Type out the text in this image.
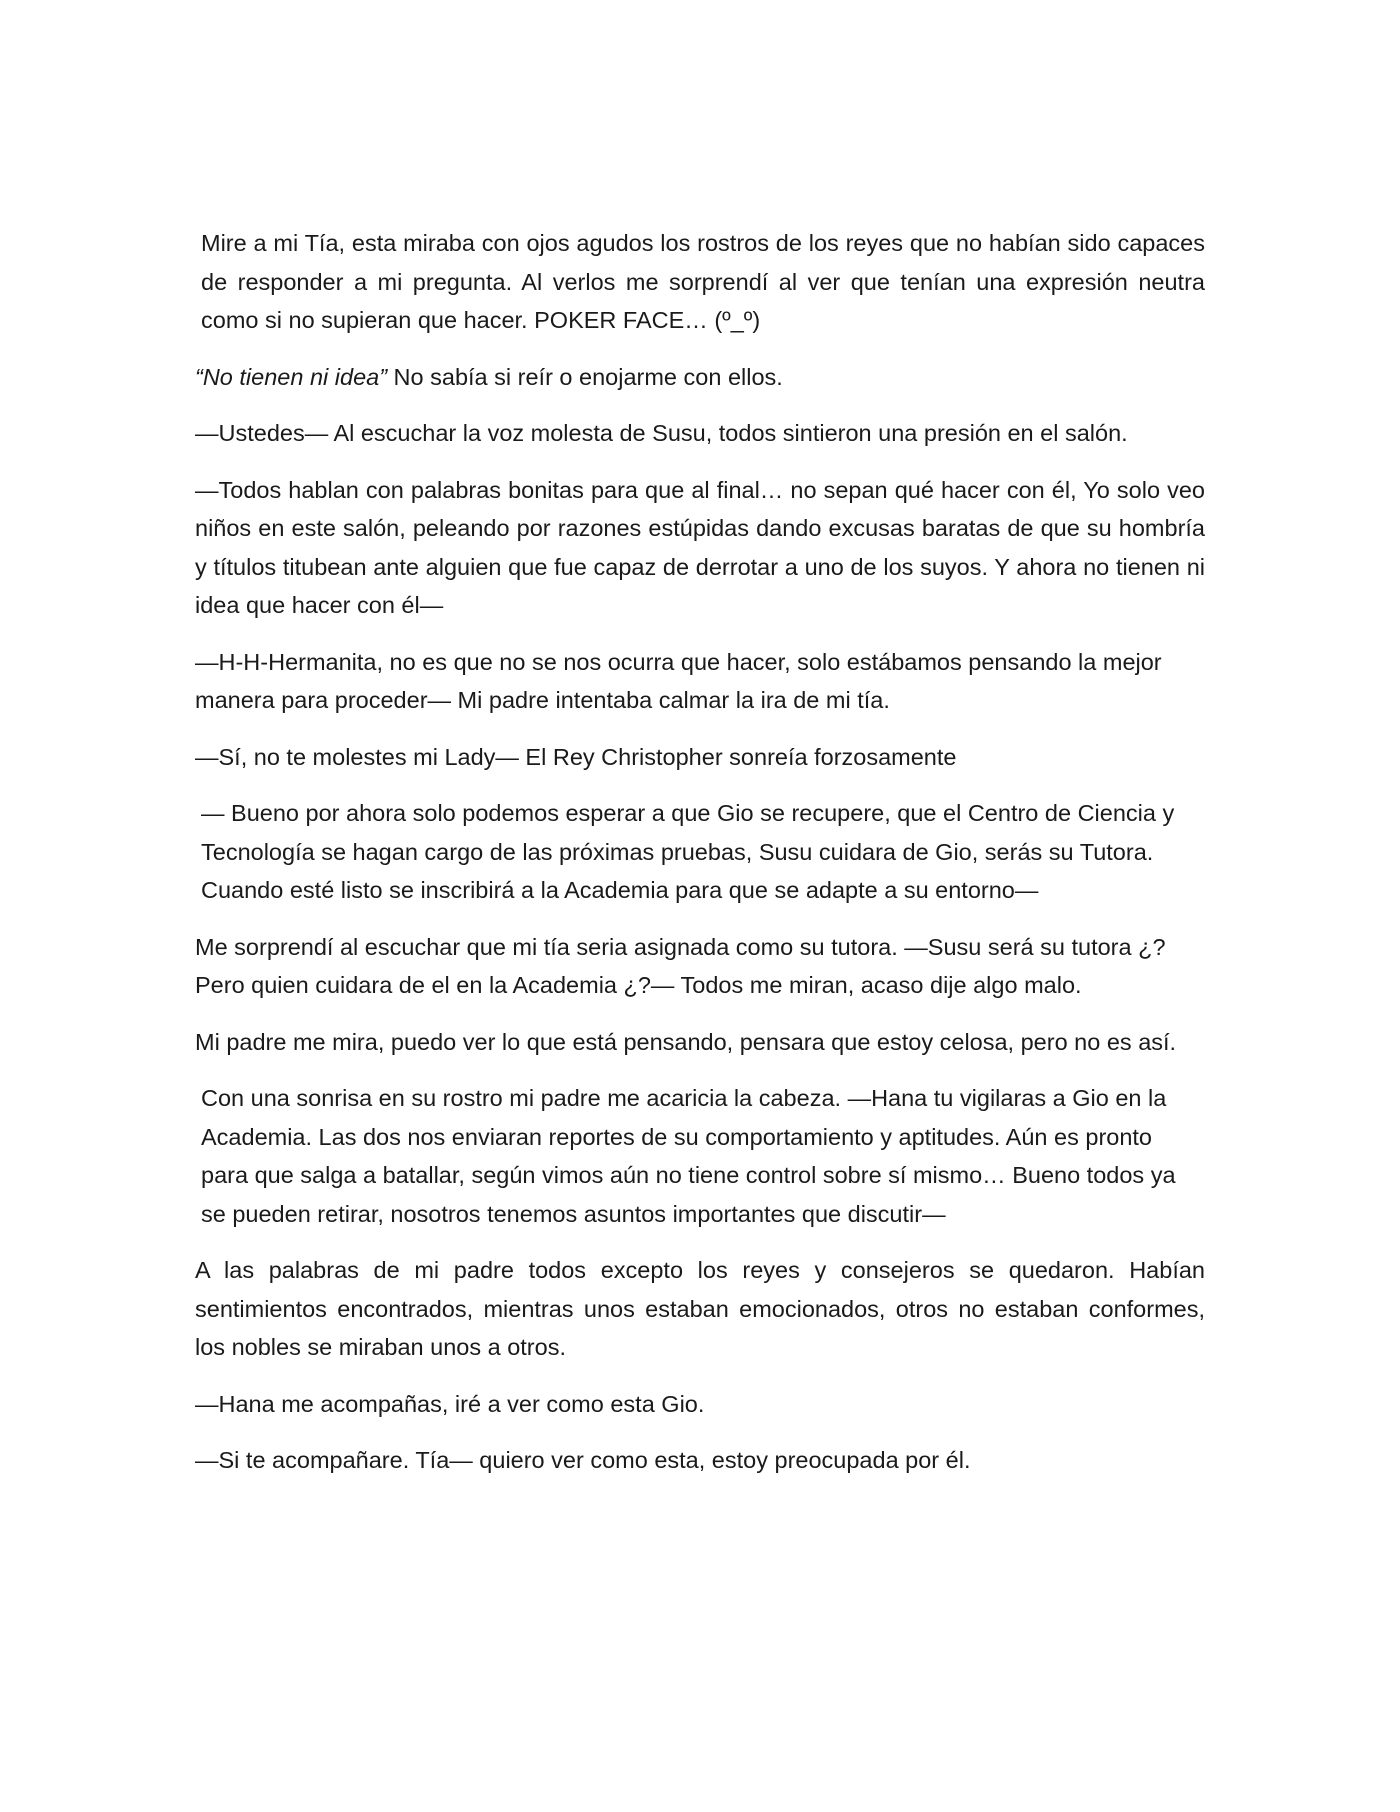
Mire a mi Tía, esta miraba con ojos agudos los rostros de los reyes que no habían sido capaces de responder a mi pregunta. Al verlos me sorprendí al ver que tenían una expresión neutra como si no supieran que hacer. POKER FACE… (º_º)

“No tienen ni idea” No sabía si reír o enojarme con ellos.

—Ustedes— Al escuchar la voz molesta de Susu, todos sintieron una presión en el salón.

—Todos hablan con palabras bonitas para que al final… no sepan qué hacer con él, Yo solo veo niños en este salón, peleando por razones estúpidas dando excusas baratas de que su hombría y títulos titubean ante alguien que fue capaz de derrotar a uno de los suyos. Y ahora no tienen ni idea que hacer con él—

—H-H-Hermanita, no es que no se nos ocurra que hacer, solo estábamos pensando la mejor manera para proceder— Mi padre intentaba calmar la ira de mi tía.

—Sí, no te molestes mi Lady— El Rey Christopher sonreía forzosamente

— Bueno por ahora solo podemos esperar a que Gio se recupere, que el Centro de Ciencia y Tecnología se hagan cargo de las próximas pruebas, Susu cuidara de Gio, serás su Tutora. Cuando esté listo se inscribirá a la Academia para que se adapte a su entorno—

Me sorprendí al escuchar que mi tía seria asignada como su tutora. —Susu será su tutora ¿? Pero quien cuidara de el en la Academia ¿?— Todos me miran, acaso dije algo malo.

Mi padre me mira, puedo ver lo que está pensando, pensara que estoy celosa, pero no es así.

Con una sonrisa en su rostro mi padre me acaricia la cabeza. —Hana tu vigilaras a Gio en la Academia. Las dos nos enviaran reportes de su comportamiento y aptitudes. Aún es pronto para que salga a batallar, según vimos aún no tiene control sobre sí mismo… Bueno todos ya se pueden retirar, nosotros tenemos asuntos importantes que discutir—

A las palabras de mi padre todos excepto los reyes y consejeros se quedaron. Habían sentimientos encontrados, mientras unos estaban emocionados, otros no estaban conformes, los nobles se miraban unos a otros.

—Hana me acompañas, iré a ver como esta Gio.

—Si te acompañare. Tía— quiero ver como esta, estoy preocupada por él.
